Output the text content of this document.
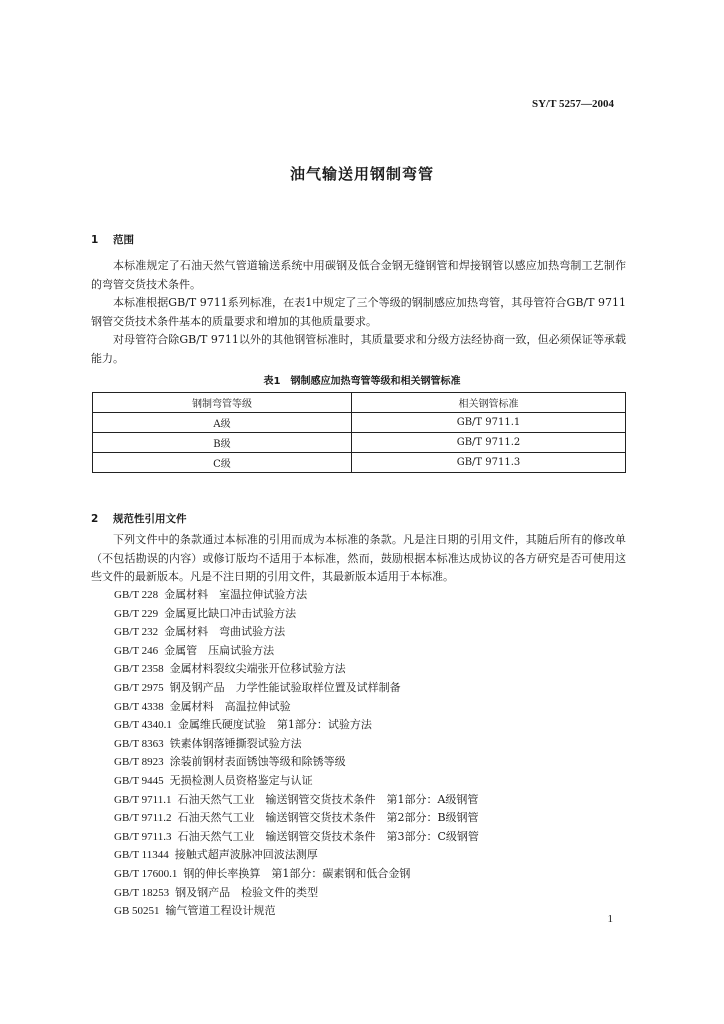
SY/T 5257—2004
油气输送用钢制弯管
1 范围

本标准规定了石油天然气管道输送系统中用碳钢及低合金钢无缝钢管和焊接钢管以感应加热弯制工艺制作的弯管交货技术条件。

本标准根据GB/T 9711系列标准，在表1中规定了三个等级的钢制感应加热弯管，其母管符合GB/T 9711钢管交货技术条件基本的质量要求和增加的其他质量要求。

对母管符合除GB/T 9711以外的其他钢管标准时，其质量要求和分级方法经协商一致，但必须保证等承载能力。

表1　钢制感应加热弯管等级和相关钢管标准
钢制弯管等级	相关钢管标准
A级	GB/T 9711.1
B级	GB/T 9711.2
C级	GB/T 9711.3
2 规范性引用文件

下列文件中的条款通过本标准的引用而成为本标准的条款。凡是注日期的引用文件，其随后所有的修改单（不包括勘误的内容）或修订版均不适用于本标准，然而，鼓励根据本标准达成协议的各方研究是否可使用这些文件的最新版本。凡是不注日期的引用文件，其最新版本适用于本标准。

GB/T 228 金属材料　室温拉伸试验方法
GB/T 229 金属夏比缺口冲击试验方法
GB/T 232 金属材料　弯曲试验方法
GB/T 246 金属管　压扁试验方法
GB/T 2358 金属材料裂纹尖端张开位移试验方法
GB/T 2975 钢及钢产品　力学性能试验取样位置及试样制备
GB/T 4338 金属材料　高温拉伸试验
GB/T 4340.1 金属维氏硬度试验　第1部分：试验方法
GB/T 8363 铁素体钢落锤撕裂试验方法
GB/T 8923 涂装前钢材表面锈蚀等级和除锈等级
GB/T 9445 无损检测人员资格鉴定与认证
GB/T 9711.1 石油天然气工业　输送钢管交货技术条件　第1部分：A级钢管
GB/T 9711.2 石油天然气工业　输送钢管交货技术条件　第2部分：B级钢管
GB/T 9711.3 石油天然气工业　输送钢管交货技术条件　第3部分：C级钢管
GB/T 11344 接触式超声波脉冲回波法测厚
GB/T 17600.1 钢的伸长率换算　第1部分：碳素钢和低合金钢
GB/T 18253 钢及钢产品　检验文件的类型
GB 50251 输气管道工程设计规范
1
